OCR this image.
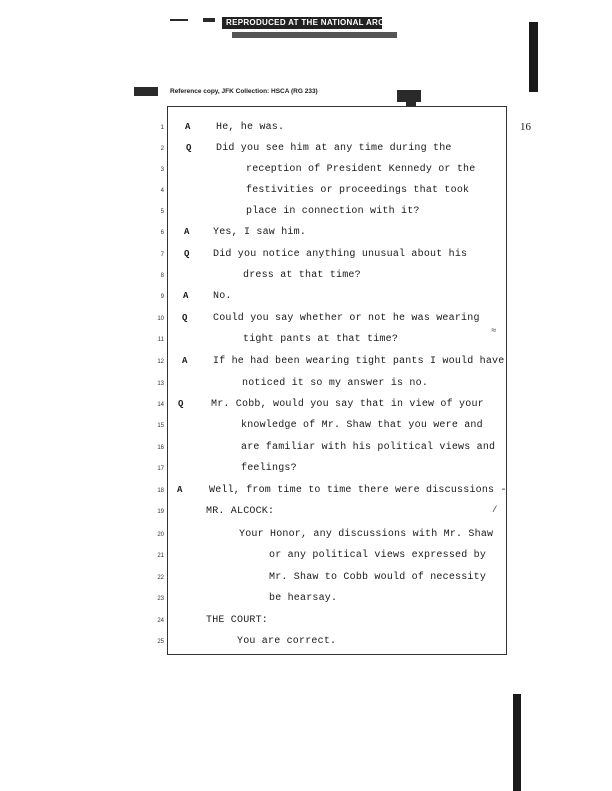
REPRODUCED AT THE NATIONAL ARCHIVES
Reference copy, JFK Collection: HSCA (RG 233)
16
1 A	He, he was.
2 Q Did you see him at any time during the
3	reception of President Kennedy or the
4	festivities or proceedings that took
5	place in connection with it?
6 A Yes, I saw him.
7 Q Did you notice anything unusual about his
8	dress at that time?
9 A No.
10 Q	Could you say whether or not he was wearing
11	tight pants at that time?
12 A	If he had been wearing tight pants I would have
13	noticed it so my answer is no.
14 Q	Mr. Cobb, would you say that in view of your
15	knowledge of Mr. Shaw that you were and
16	are familiar with his political views and
17	feelings?
18 A	Well, from time to time there were discussions -
19	MR. ALCOCK:
20	Your Honor, any discussions with Mr. Shaw
21	or any political views expressed by
22	Mr. Shaw to Cobb would of necessity
23	be hearsay.
24	THE COURT:
25	You are correct.
≈
/
